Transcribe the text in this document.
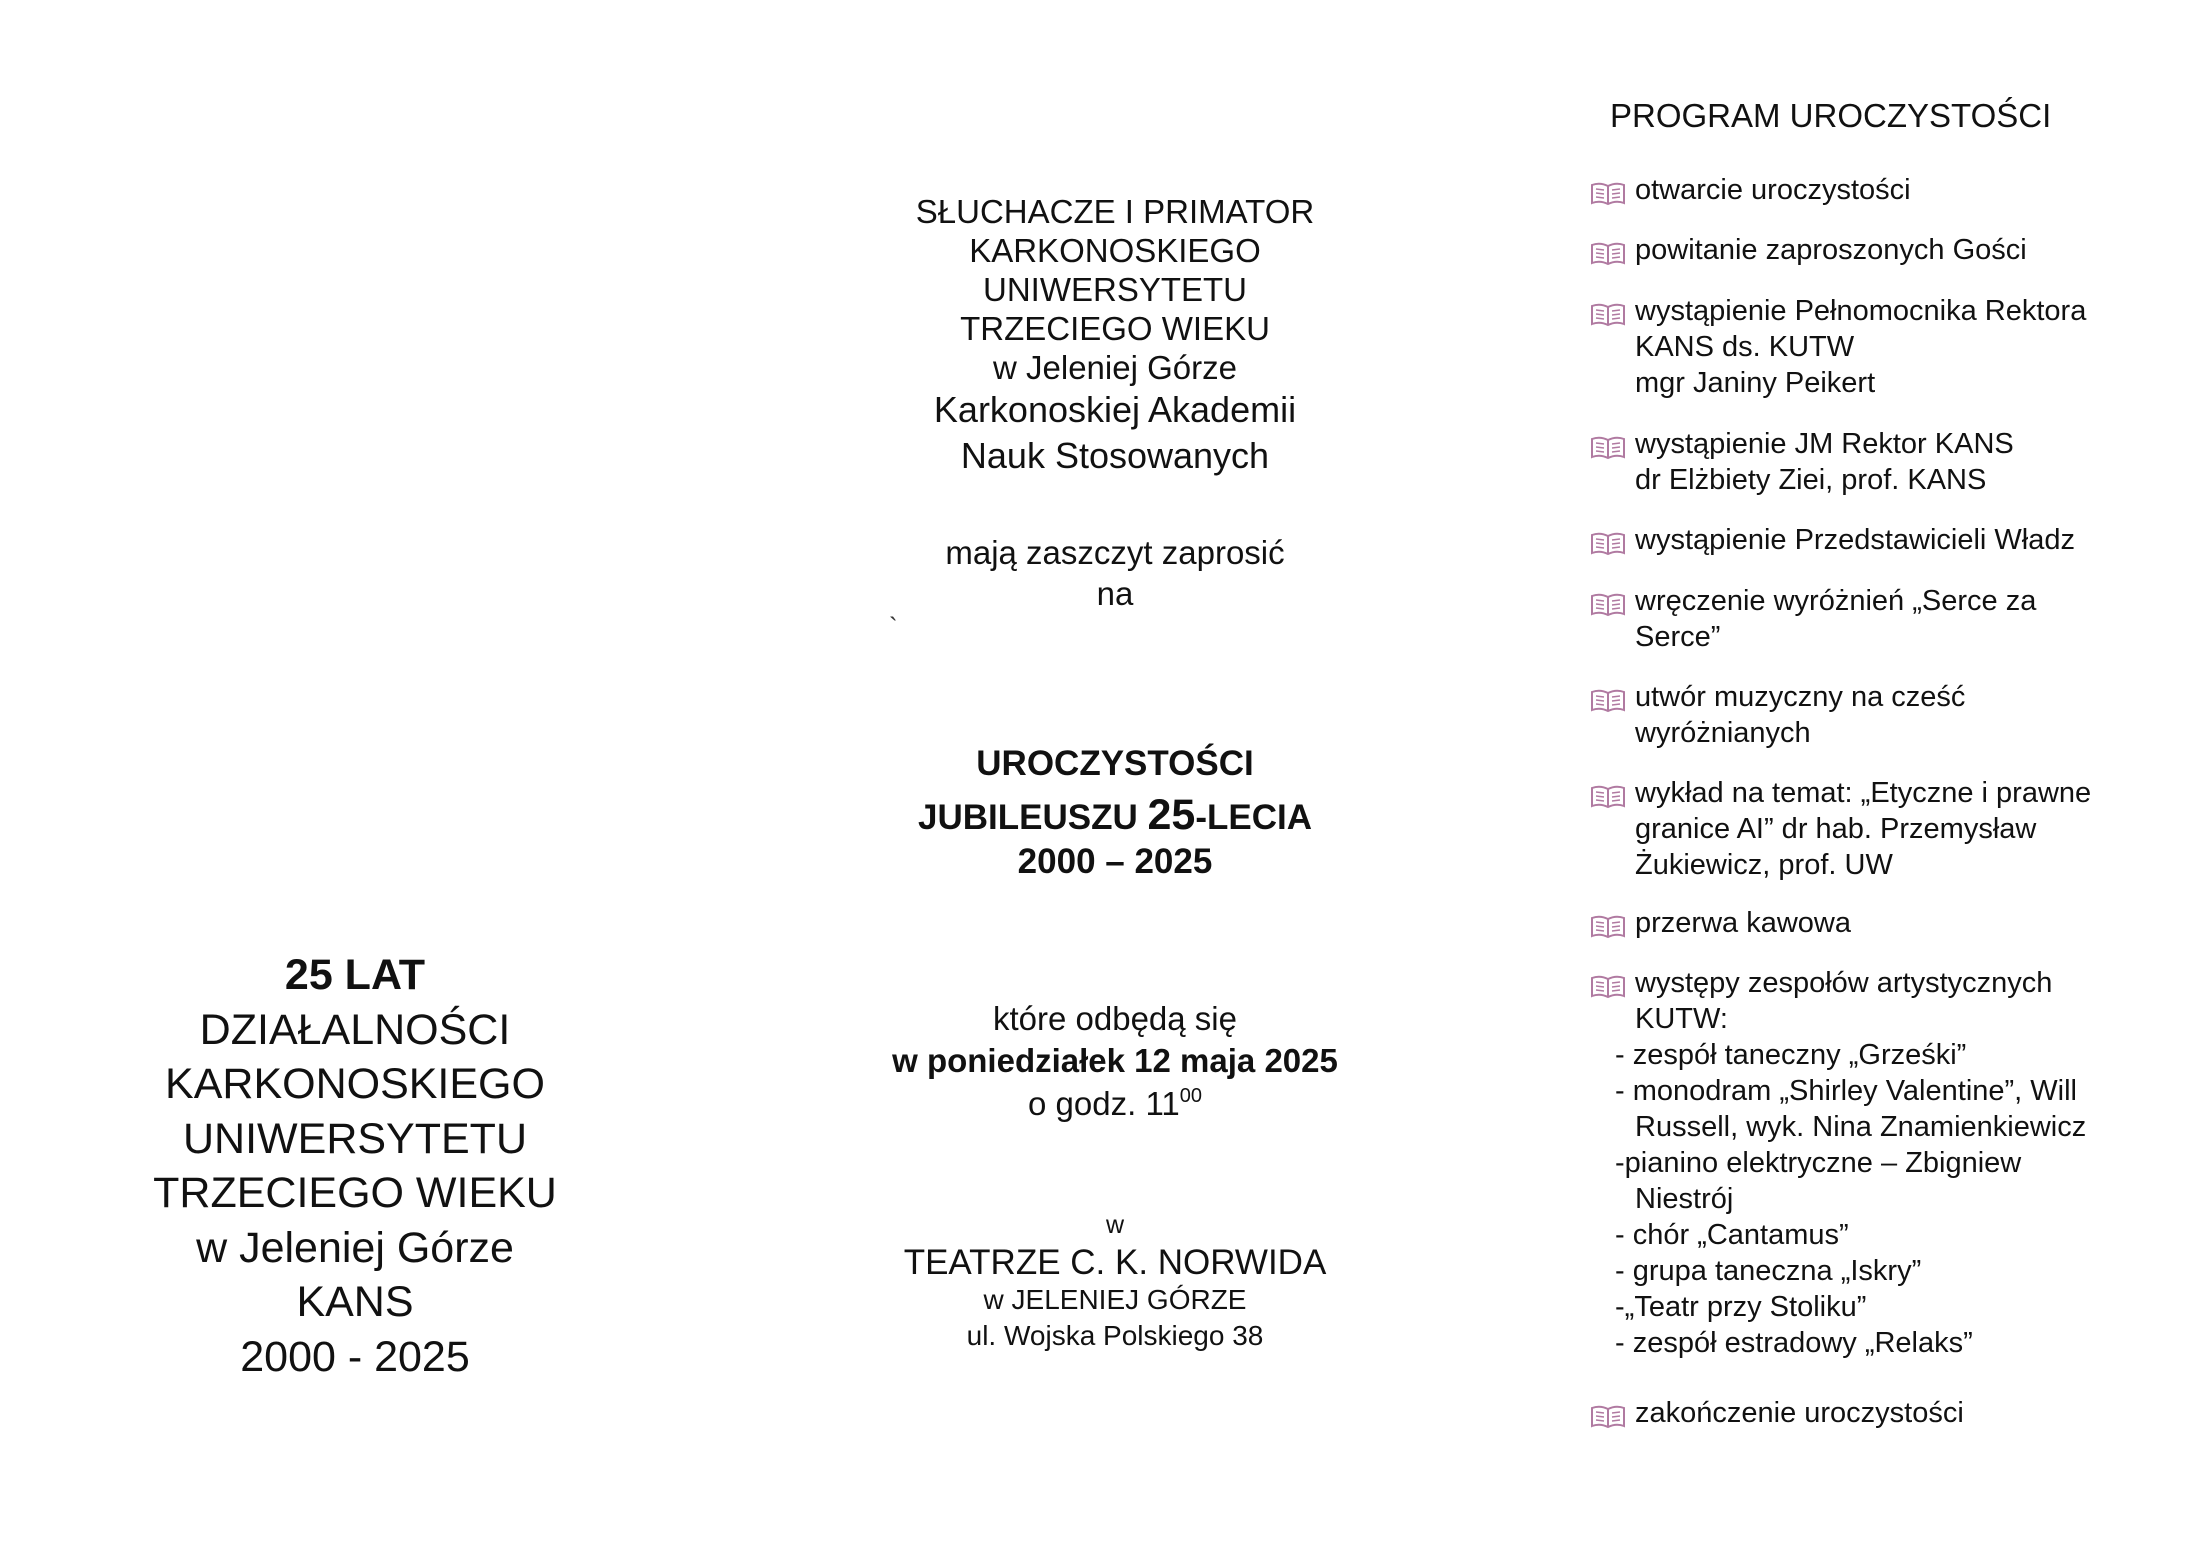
25 LAT
DZIAŁALNOŚCI
KARKONOSKIEGO
UNIWERSYTETU
TRZECIEGO WIEKU
w Jeleniej Górze
KANS
2000 - 2025
SŁUCHACZE I PRIMATOR
KARKONOSKIEGO
UNIWERSYTETU
TRZECIEGO WIEKU
w Jeleniej Górze
Karkonoskiej Akademii
Nauk Stosowanych
mają zaszczyt zaprosić
na
`
UROCZYSTOŚCI
JUBILEUSZU 25-LECIA
2000 – 2025
które odbędą się
w poniedziałek 12 maja 2025
o godz. $11^{00}$
w
TEATRZE C. K. NORWIDA
w JELENIEJ GÓRZE
ul. Wojska Polskiego 38
PROGRAM UROCZYSTOŚCI
otwarcie uroczystości
powitanie zaproszonych Gości
wystąpienie Pełnomocnika Rektora
KANS ds. KUTW
mgr Janiny Peikert
wystąpienie JM Rektor KANS
dr Elżbiety Ziei, prof. KANS
wystąpienie Przedstawicieli Władz
wręczenie wyróżnień „Serce za
Serce”
utwór muzyczny na cześć
wyróżnianych
wykład na temat: „Etyczne i prawne
granice AI” dr hab. Przemysław
Żukiewicz, prof. UW
przerwa kawowa
występy zespołów artystycznych
KUTW:
zakończenie uroczystości
- zespół taneczny „Grześki”
- monodram „Shirley Valentine”, Will
Russell, wyk. Nina Znamienkiewicz
-pianino elektryczne – Zbigniew
Niestrój
- chór „Cantamus”
- grupa taneczna „Iskry”
-„Teatr przy Stoliku”
- zespół estradowy „Relaks”
